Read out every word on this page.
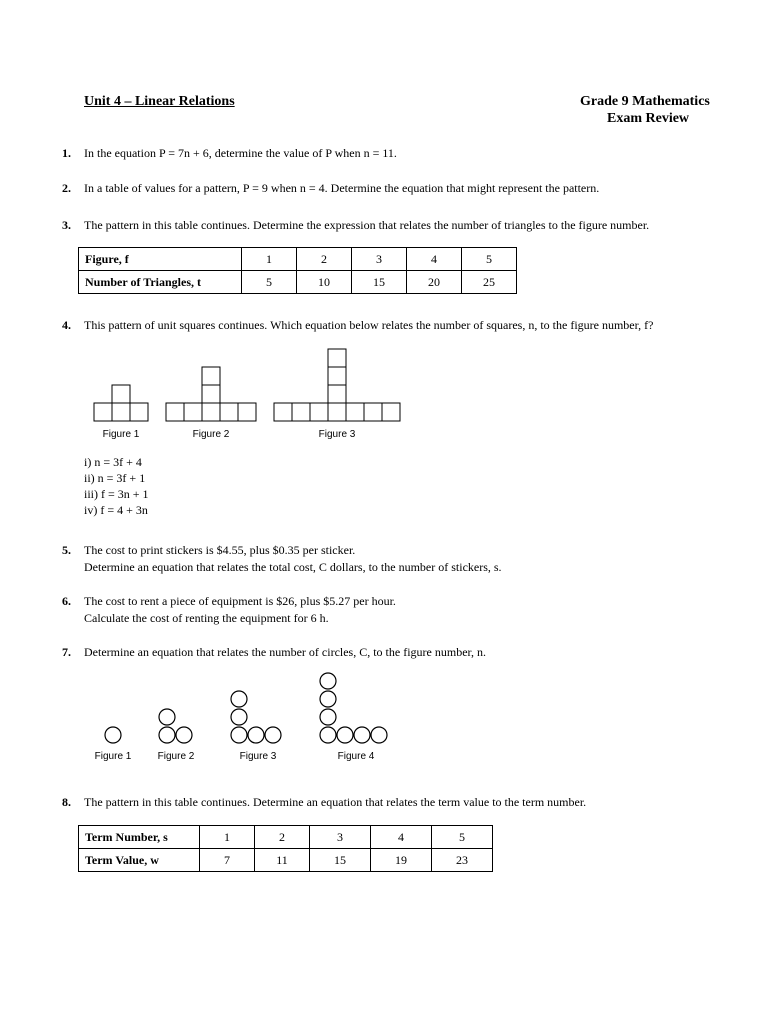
Unit 4 – Linear Relations	Grade 9 Mathematics
Exam Review
1. In the equation P = 7n + 6, determine the value of P when n = 11.
2. In a table of values for a pattern, P = 9 when n = 4. Determine the equation that might represent the pattern.
3. The pattern in this table continues. Determine the expression that relates the number of triangles to the figure number.
Figure, f	1	2	3	4	5
Number of Triangles, t	5	10	15	20	25
4. This pattern of unit squares continues. Which equation below relates the number of squares, n, to the figure number, f?
Figure 1	Figure 2	Figure 3
i) n = 3f + 4
ii) n = 3f + 1
iii) f = 3n + 1
iv) f = 4 + 3n
5. The cost to print stickers is $4.55, plus $0.35 per sticker.
Determine an equation that relates the total cost, C dollars, to the number of stickers, s.
6. The cost to rent a piece of equipment is $26, plus $5.27 per hour.
Calculate the cost of renting the equipment for 6 h.
7. Determine an equation that relates the number of circles, C, to the figure number, n.
Figure 1	Figure 2	Figure 3	Figure 4
8. The pattern in this table continues. Determine an equation that relates the term value to the term number.
Term Number, s	1	2	3	4	5
Term Value, w	7	11	15	19	23
